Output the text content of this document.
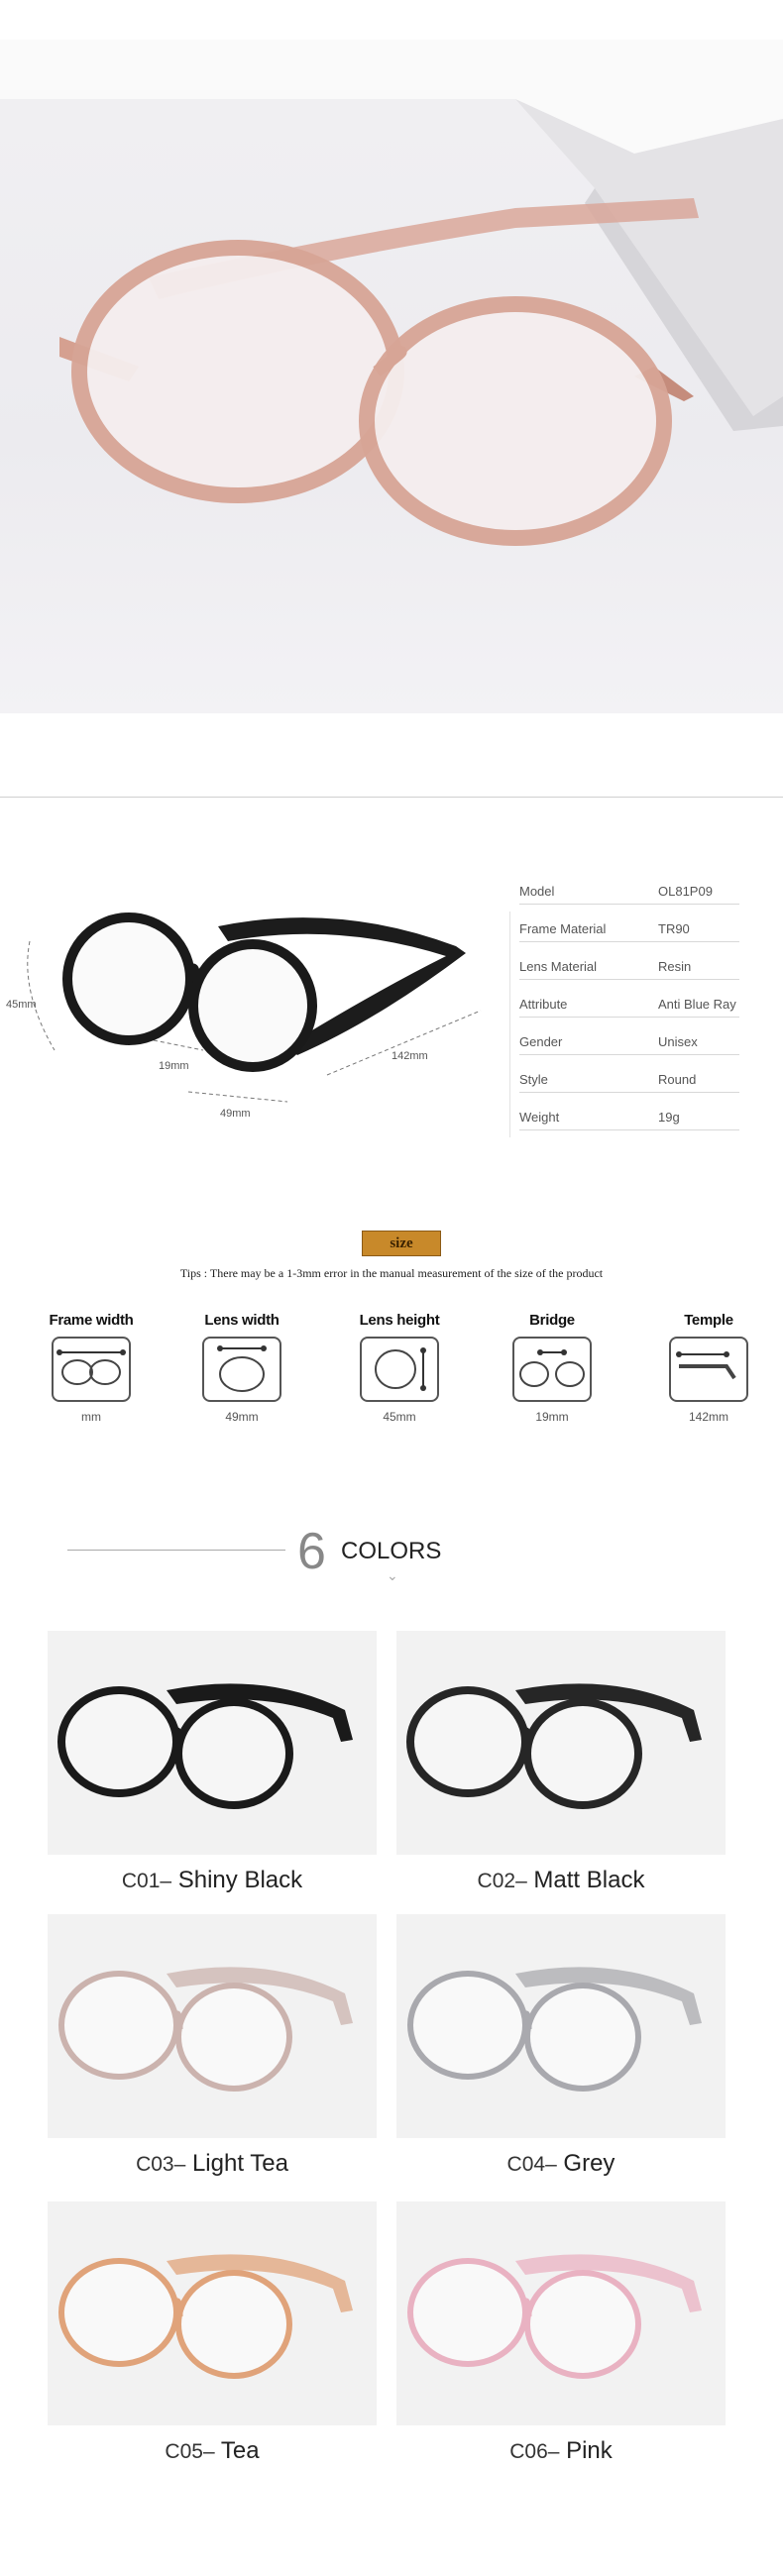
45mm
19mm
49mm
142mm
Model	OL81P09
Frame Material	TR90
Lens Material	Resin
Attribute	Anti Blue Ray
Gender	Unisex
Style	Round
Weight	19g
size
Tips : There may be a 1-3mm error in the manual measurement of the size of the product
Frame width
mm
Lens width
49mm
Lens height
45mm
Bridge
19mm
Temple
142mm
6 COLORS
⌄
C01– Shiny Black	C02– Matt Black
C03– Light Tea	C04– Grey
C05– Tea	C06– Pink
